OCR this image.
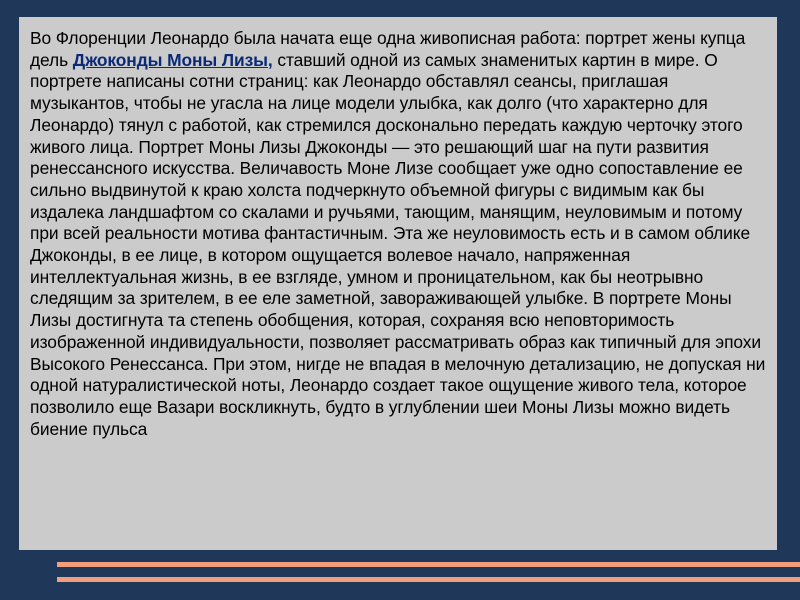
Во Флоренции Леонардо была начата еще одна живописная работа: портрет жены купца дель Джоконды Моны Лизы, ставший одной из самых знаменитых картин в мире. О портрете написаны сотни страниц: как Леонардо обставлял сеансы, приглашая музыкантов, чтобы не угасла на лице модели улыбка, как долго (что характерно для Леонардо) тянул с работой, как стремился досконально передать каждую черточку этого живого лица. Портрет Моны Лизы Джоконды — это решающий шаг на пути развития ренессансного искусства. Величавость Моне Лизе сообщает уже одно сопоставление ее сильно выдвинутой к краю холста подчеркнуто объемной фигуры с видимым как бы издалека ландшафтом со скалами и ручьями, тающим, манящим, неуловимым и потому при всей реальности мотива фантастичным. Эта же неуловимость есть и в самом облике Джоконды, в ее лице, в котором ощущается волевое начало, напряженная интеллектуальная жизнь, в ее взгляде, умном и проницательном, как бы неотрывно следящим за зрителем, в ее еле заметной, завораживающей улыбке. В портрете Моны Лизы достигнута та степень обобщения, которая, сохраняя всю неповторимость изображенной индивидуальности, позволяет рассматривать образ как типичный для эпохи Высокого Ренессанса. При этом, нигде не впадая в мелочную детализацию, не допуская ни одной натуралистической ноты, Леонардо создает такое ощущение живого тела, которое позволило еще Вазари воскликнуть, будто в углублении шеи Моны Лизы можно видеть биение пульса
